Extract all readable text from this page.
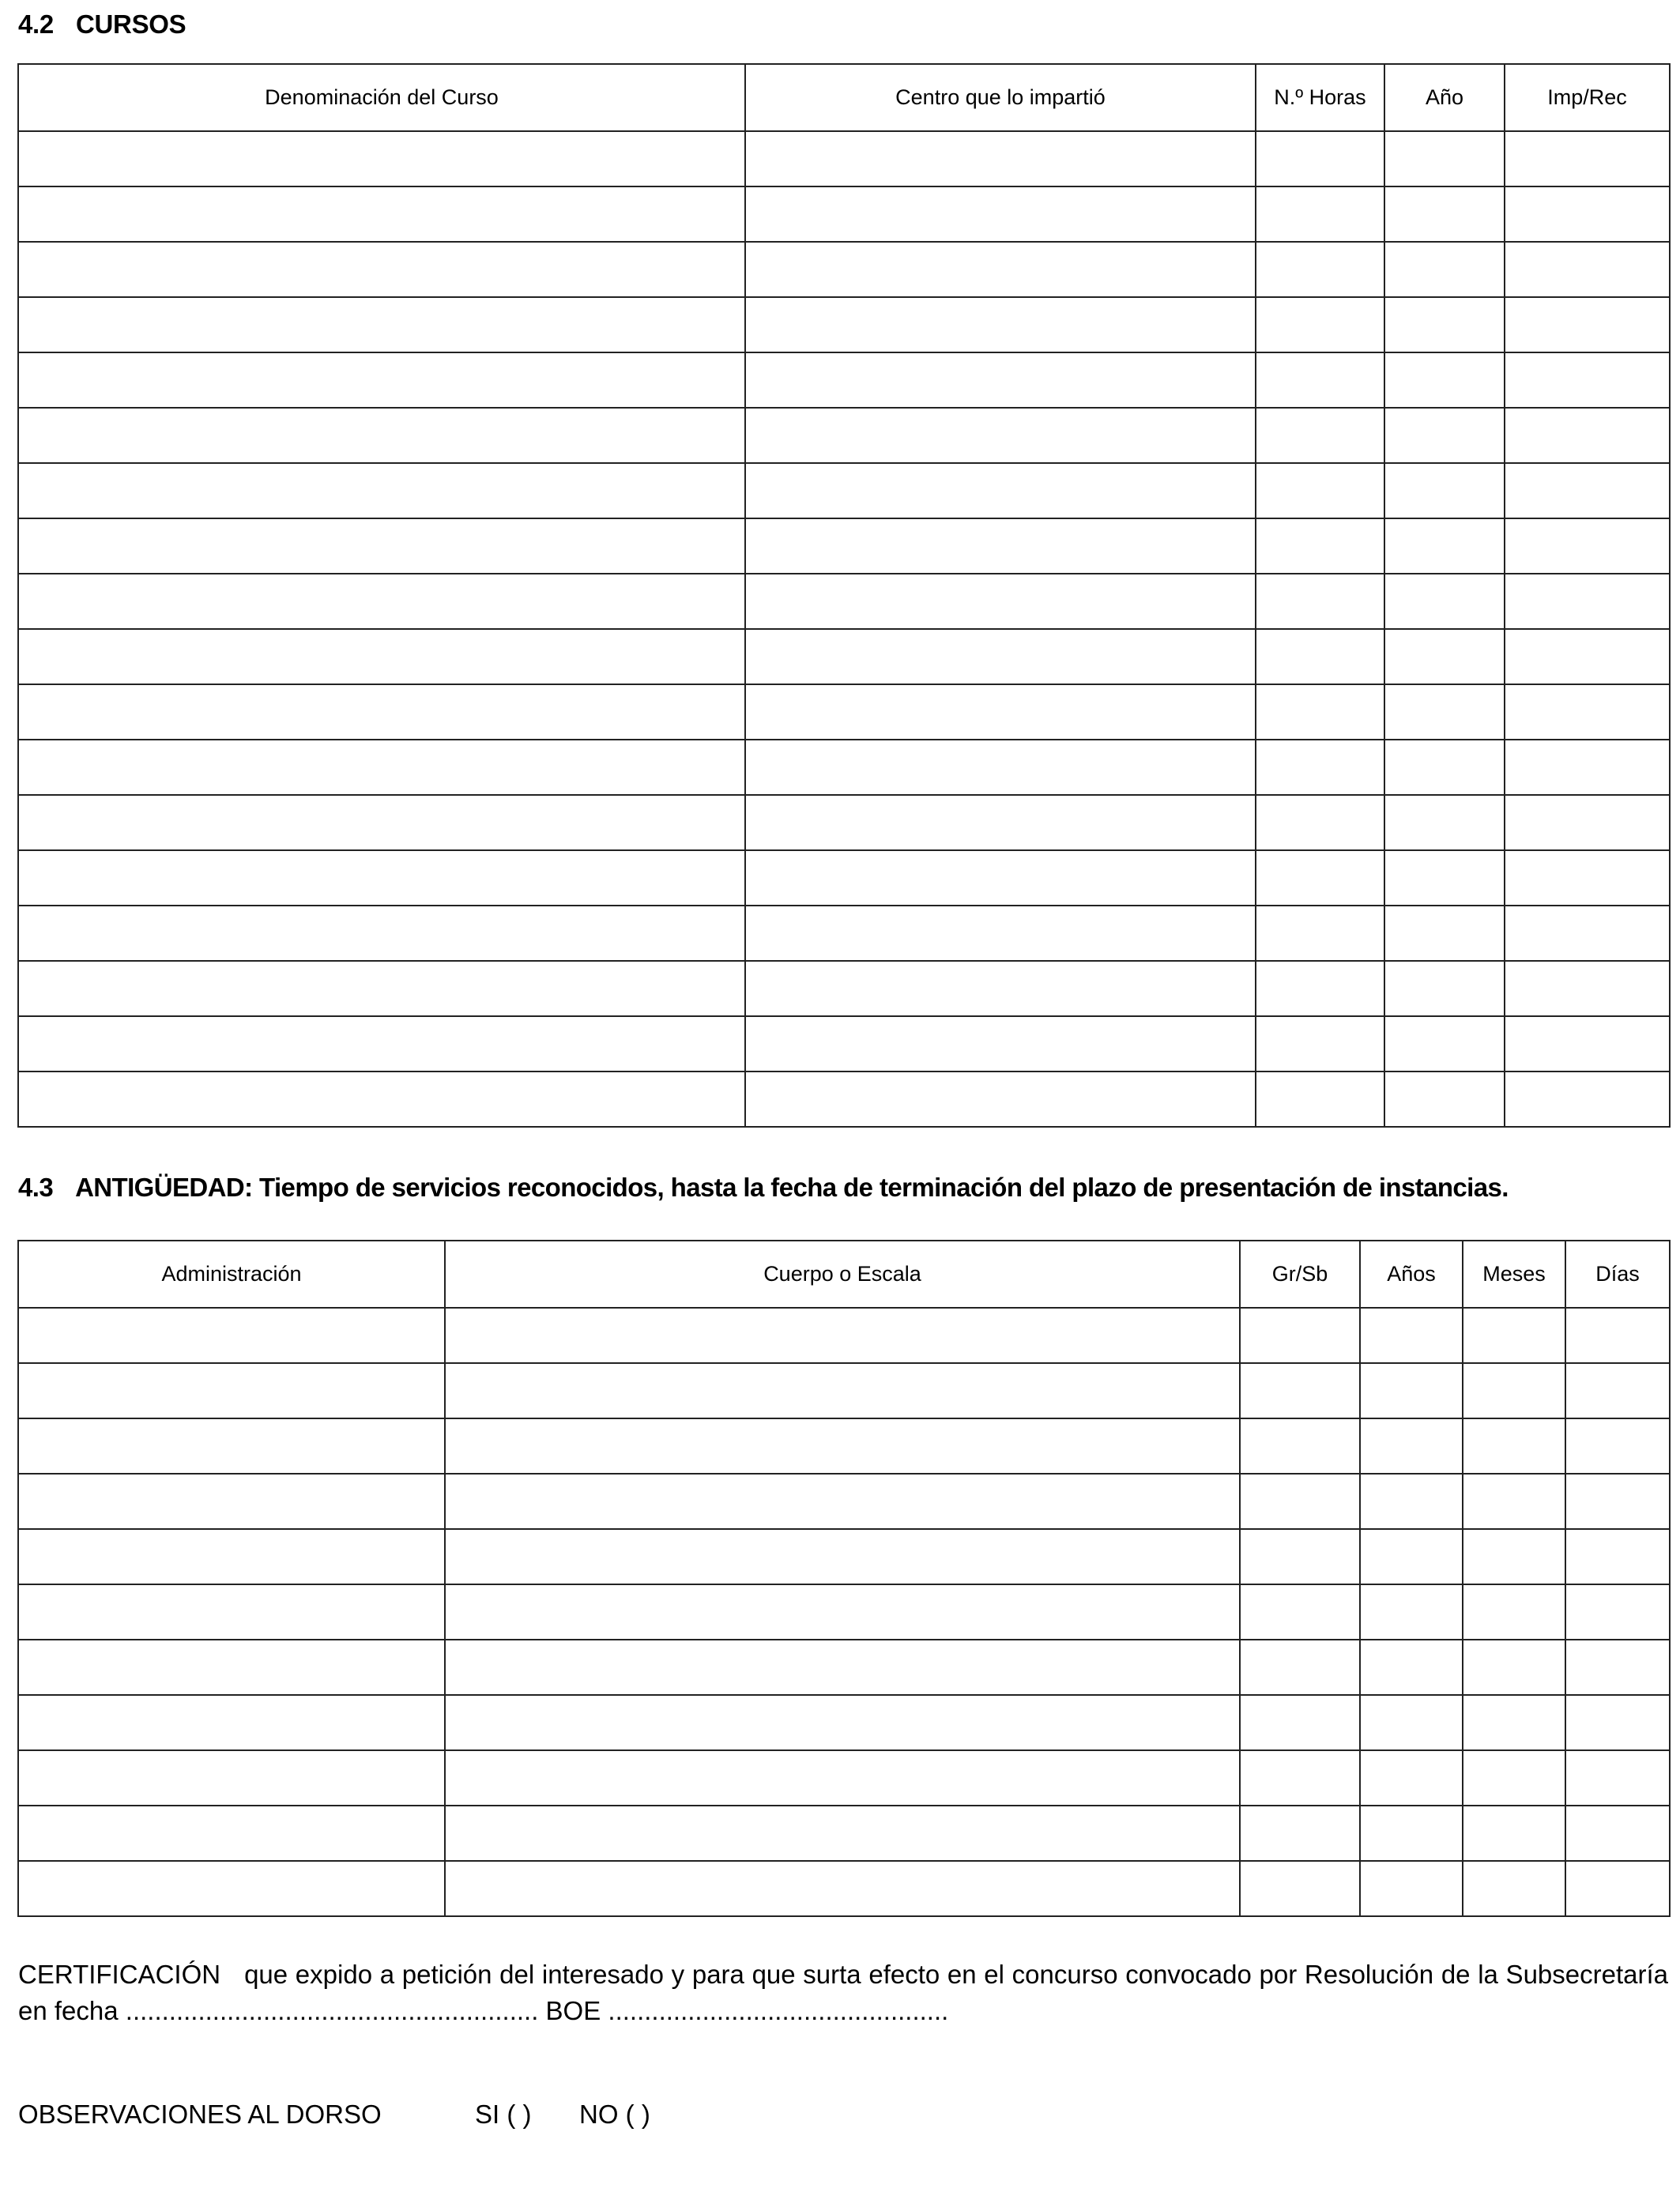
4.2 CURSOS
Denominación del Curso	Centro que lo impartió	N.º Horas	Año	Imp/Rec

4.3 ANTIGÜEDAD: Tiempo de servicios reconocidos, hasta la fecha de terminación del plazo de presentación de instancias.
Administración	Cuerpo o Escala	Gr/Sb	Años	Meses	Días

CERTIFICACIÓN que expido a petición del interesado y para que surta efecto en el concurso convocado por Resolución de la Subsecretaría en fecha ......................................................... BOE ...............................................
OBSERVACIONES AL DORSO	SI ( ) NO ( )
